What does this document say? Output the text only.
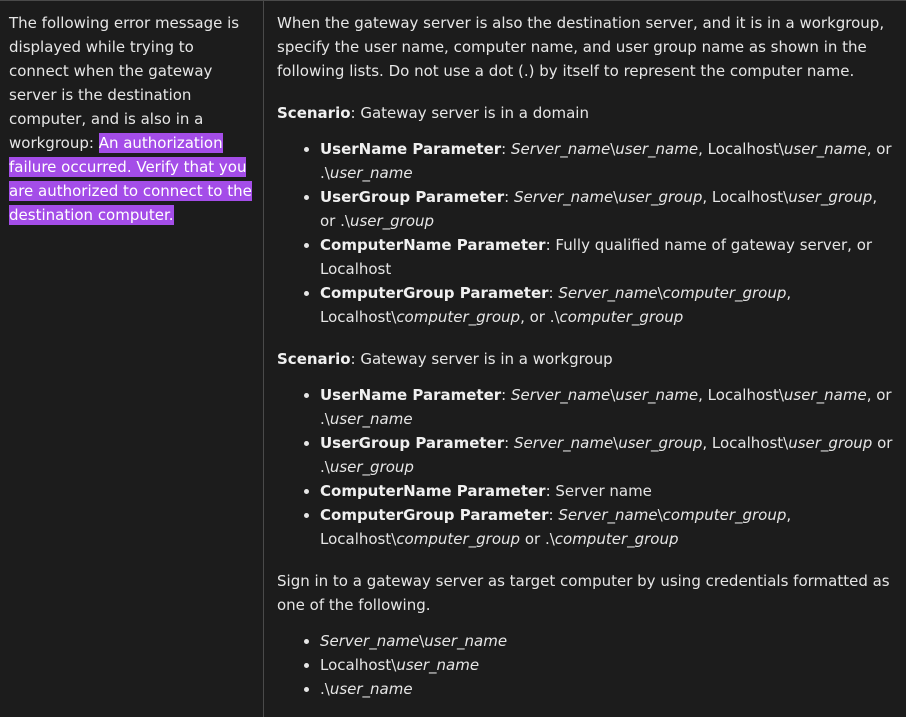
The following error message is displayed while trying to connect when the gateway server is the destination computer, and is also in a workgroup: An authorization failure occurred. Verify that you are authorized to connect to the destination computer.

When the gateway server is also the destination server, and it is in a workgroup, specify the user name, computer name, and user group name as shown in the following lists. Do not use a dot (.) by itself to represent the computer name.

Scenario: Gateway server is in a domain

• UserName Parameter: Server_name\user_name, Localhost\user_name, or .\user_name
• UserGroup Parameter: Server_name\user_group, Localhost\user_group, or .\user_group
• ComputerName Parameter: Fully qualified name of gateway server, or Localhost
• ComputerGroup Parameter: Server_name\computer_group, Localhost\computer_group, or .\computer_group

Scenario: Gateway server is in a workgroup

• UserName Parameter: Server_name\user_name, Localhost\user_name, or .\user_name
• UserGroup Parameter: Server_name\user_group, Localhost\user_group or .\user_group
• ComputerName Parameter: Server name
• ComputerGroup Parameter: Server_name\computer_group, Localhost\computer_group or .\computer_group

Sign in to a gateway server as target computer by using credentials formatted as one of the following.

• Server_name\user_name
• Localhost\user_name
• .\user_name
